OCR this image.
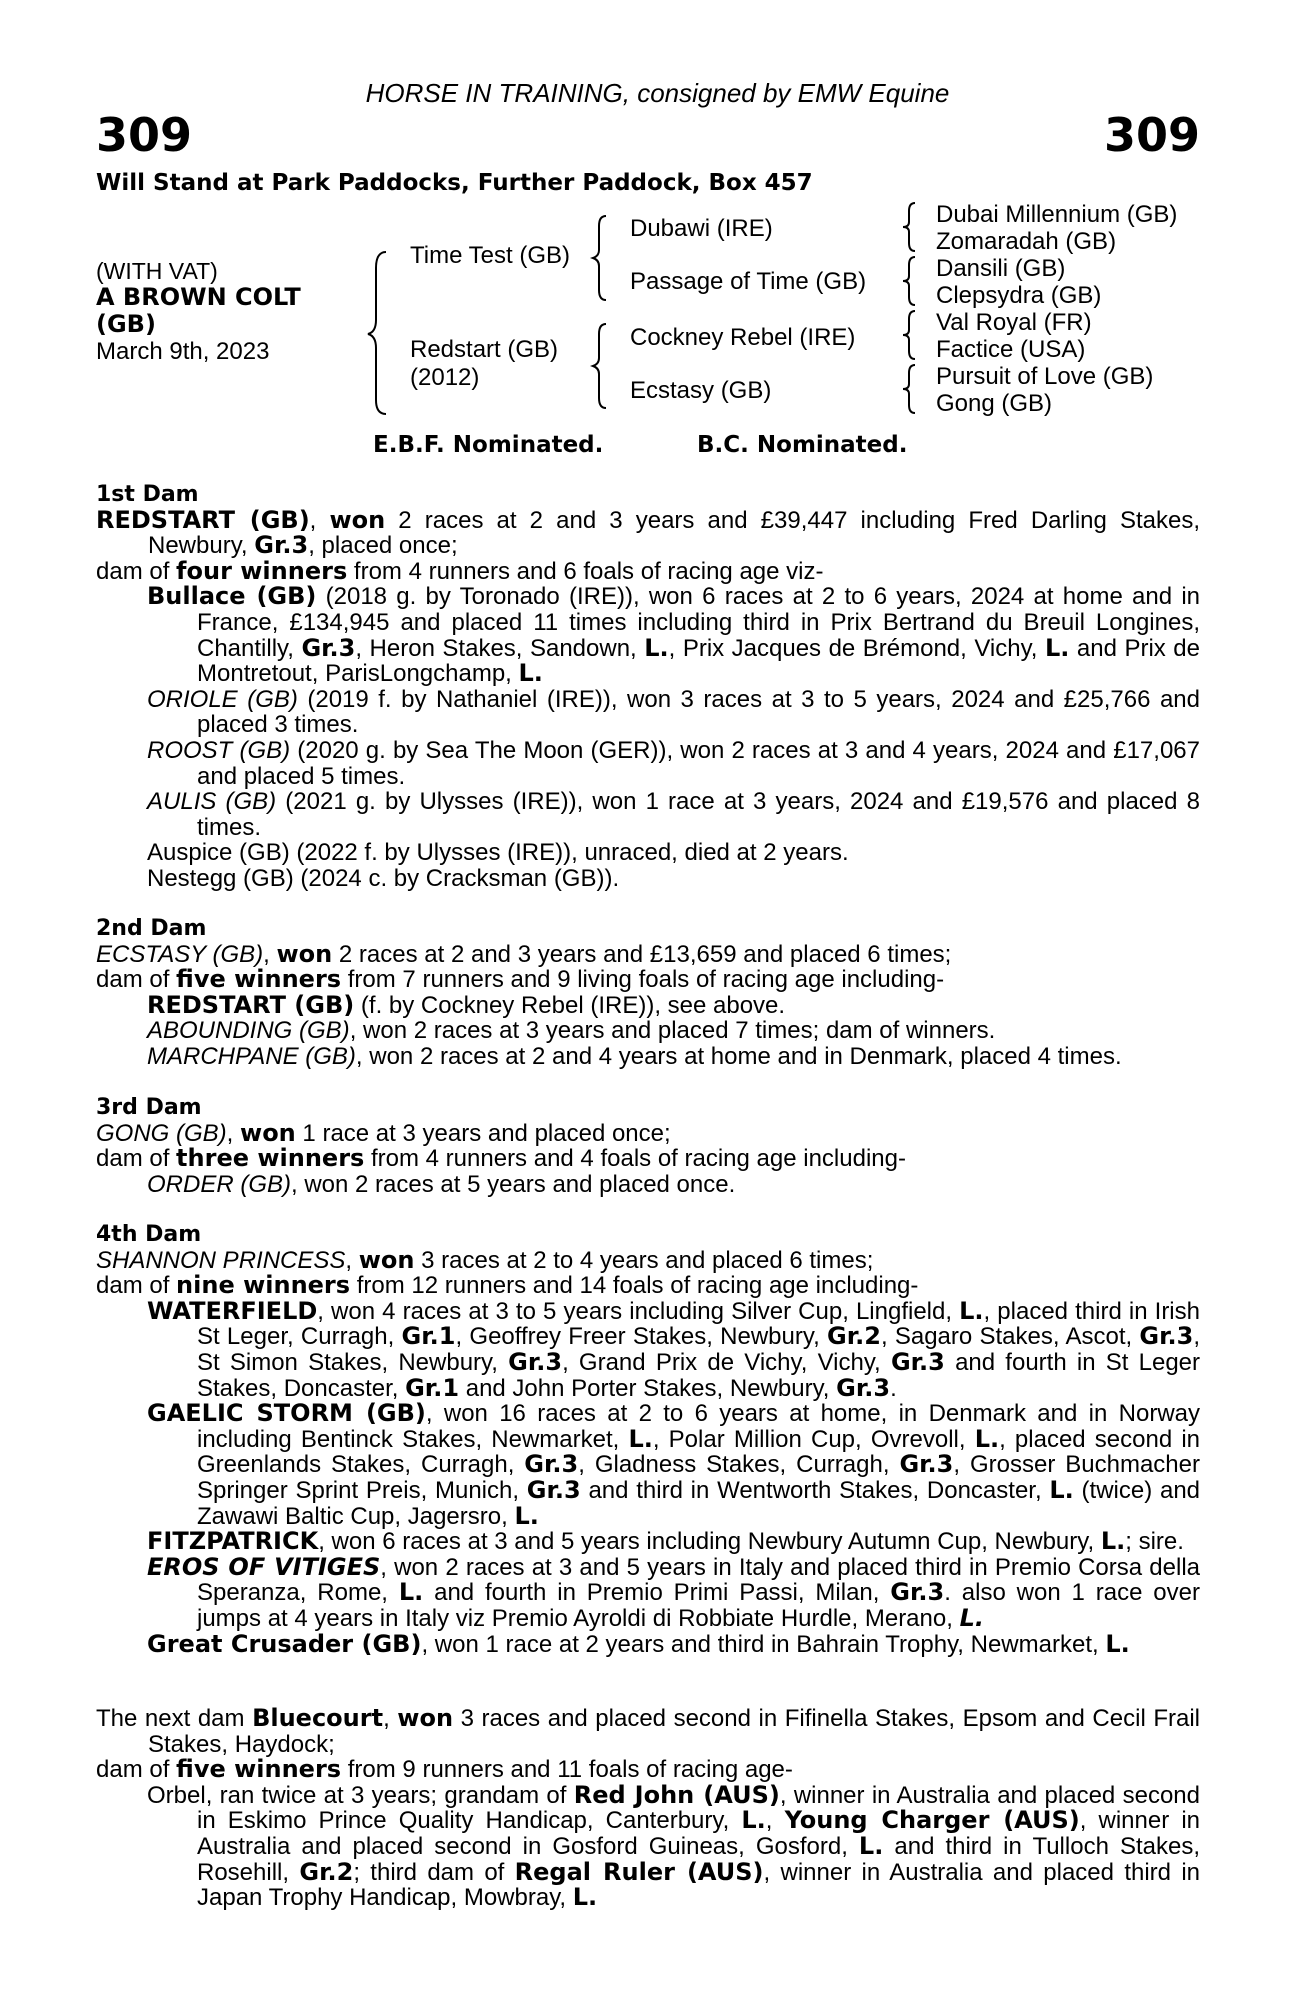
HORSE IN TRAINING, consigned by EMW Equine
309	309
Will Stand at Park Paddocks, Further Paddock, Box 457
(WITH VAT)
A BROWN COLT
(GB)
March 9th, 2023
Time Test (GB)
Redstart (GB)
(2012)
Dubawi (IRE)
Passage of Time (GB)
Cockney Rebel (IRE)
Ecstasy (GB)
Dubai Millennium (GB)
Zomaradah (GB)
Dansili (GB)
Clepsydra (GB)
Val Royal (FR)
Factice (USA)
Pursuit of Love (GB)
Gong (GB)
E.B.F. Nominated.	B.C. Nominated.

1st Dam

REDSTART (GB), won 2 races at 2 and 3 years and £39,447 including Fred Darling Stakes, Newbury, Gr.3, placed once;

dam of four winners from 4 runners and 6 foals of racing age viz-

Bullace (GB) (2018 g. by Toronado (IRE)), won 6 races at 2 to 6 years, 2024 at home and in France, £134,945 and placed 11 times including third in Prix Bertrand du Breuil Longines, Chantilly, Gr.3, Heron Stakes, Sandown, L., Prix Jacques de Brémond, Vichy, L. and Prix de Montretout, ParisLongchamp, L.

ORIOLE (GB) (2019 f. by Nathaniel (IRE)), won 3 races at 3 to 5 years, 2024 and £25,766 and placed 3 times.

ROOST (GB) (2020 g. by Sea The Moon (GER)), won 2 races at 3 and 4 years, 2024 and £17,067 and placed 5 times.

AULIS (GB) (2021 g. by Ulysses (IRE)), won 1 race at 3 years, 2024 and £19,576 and placed 8 times.

Auspice (GB) (2022 f. by Ulysses (IRE)), unraced, died at 2 years.

Nestegg (GB) (2024 c. by Cracksman (GB)).

2nd Dam

ECSTASY (GB), won 2 races at 2 and 3 years and £13,659 and placed 6 times;

dam of five winners from 7 runners and 9 living foals of racing age including-

REDSTART (GB) (f. by Cockney Rebel (IRE)), see above.

ABOUNDING (GB), won 2 races at 3 years and placed 7 times; dam of winners.

MARCHPANE (GB), won 2 races at 2 and 4 years at home and in Denmark, placed 4 times.

3rd Dam

GONG (GB), won 1 race at 3 years and placed once;

dam of three winners from 4 runners and 4 foals of racing age including-

ORDER (GB), won 2 races at 5 years and placed once.

4th Dam

SHANNON PRINCESS, won 3 races at 2 to 4 years and placed 6 times;

dam of nine winners from 12 runners and 14 foals of racing age including-

WATERFIELD, won 4 races at 3 to 5 years including Silver Cup, Lingfield, L., placed third in Irish St Leger, Curragh, Gr.1, Geoffrey Freer Stakes, Newbury, Gr.2, Sagaro Stakes, Ascot, Gr.3, St Simon Stakes, Newbury, Gr.3, Grand Prix de Vichy, Vichy, Gr.3 and fourth in St Leger Stakes, Doncaster, Gr.1 and John Porter Stakes, Newbury, Gr.3.

GAELIC STORM (GB), won 16 races at 2 to 6 years at home, in Denmark and in Norway including Bentinck Stakes, Newmarket, L., Polar Million Cup, Ovrevoll, L., placed second in Greenlands Stakes, Curragh, Gr.3, Gladness Stakes, Curragh, Gr.3, Grosser Buchmacher Springer Sprint Preis, Munich, Gr.3 and third in Wentworth Stakes, Doncaster, L. (twice) and Zawawi Baltic Cup, Jagersro, L.

FITZPATRICK, won 6 races at 3 and 5 years including Newbury Autumn Cup, Newbury, L.; sire.

EROS OF VITIGES, won 2 races at 3 and 5 years in Italy and placed third in Premio Corsa della Speranza, Rome, L. and fourth in Premio Primi Passi, Milan, Gr.3. also won 1 race over jumps at 4 years in Italy viz Premio Ayroldi di Robbiate Hurdle, Merano, L.

Great Crusader (GB), won 1 race at 2 years and third in Bahrain Trophy, Newmarket, L.

The next dam Bluecourt, won 3 races and placed second in Fifinella Stakes, Epsom and Cecil Frail Stakes, Haydock;

dam of five winners from 9 runners and 11 foals of racing age-

Orbel, ran twice at 3 years; grandam of Red John (AUS), winner in Australia and placed second in Eskimo Prince Quality Handicap, Canterbury, L., Young Charger (AUS), winner in Australia and placed second in Gosford Guineas, Gosford, L. and third in Tulloch Stakes, Rosehill, Gr.2; third dam of Regal Ruler (AUS), winner in Australia and placed third in Japan Trophy Handicap, Mowbray, L.
